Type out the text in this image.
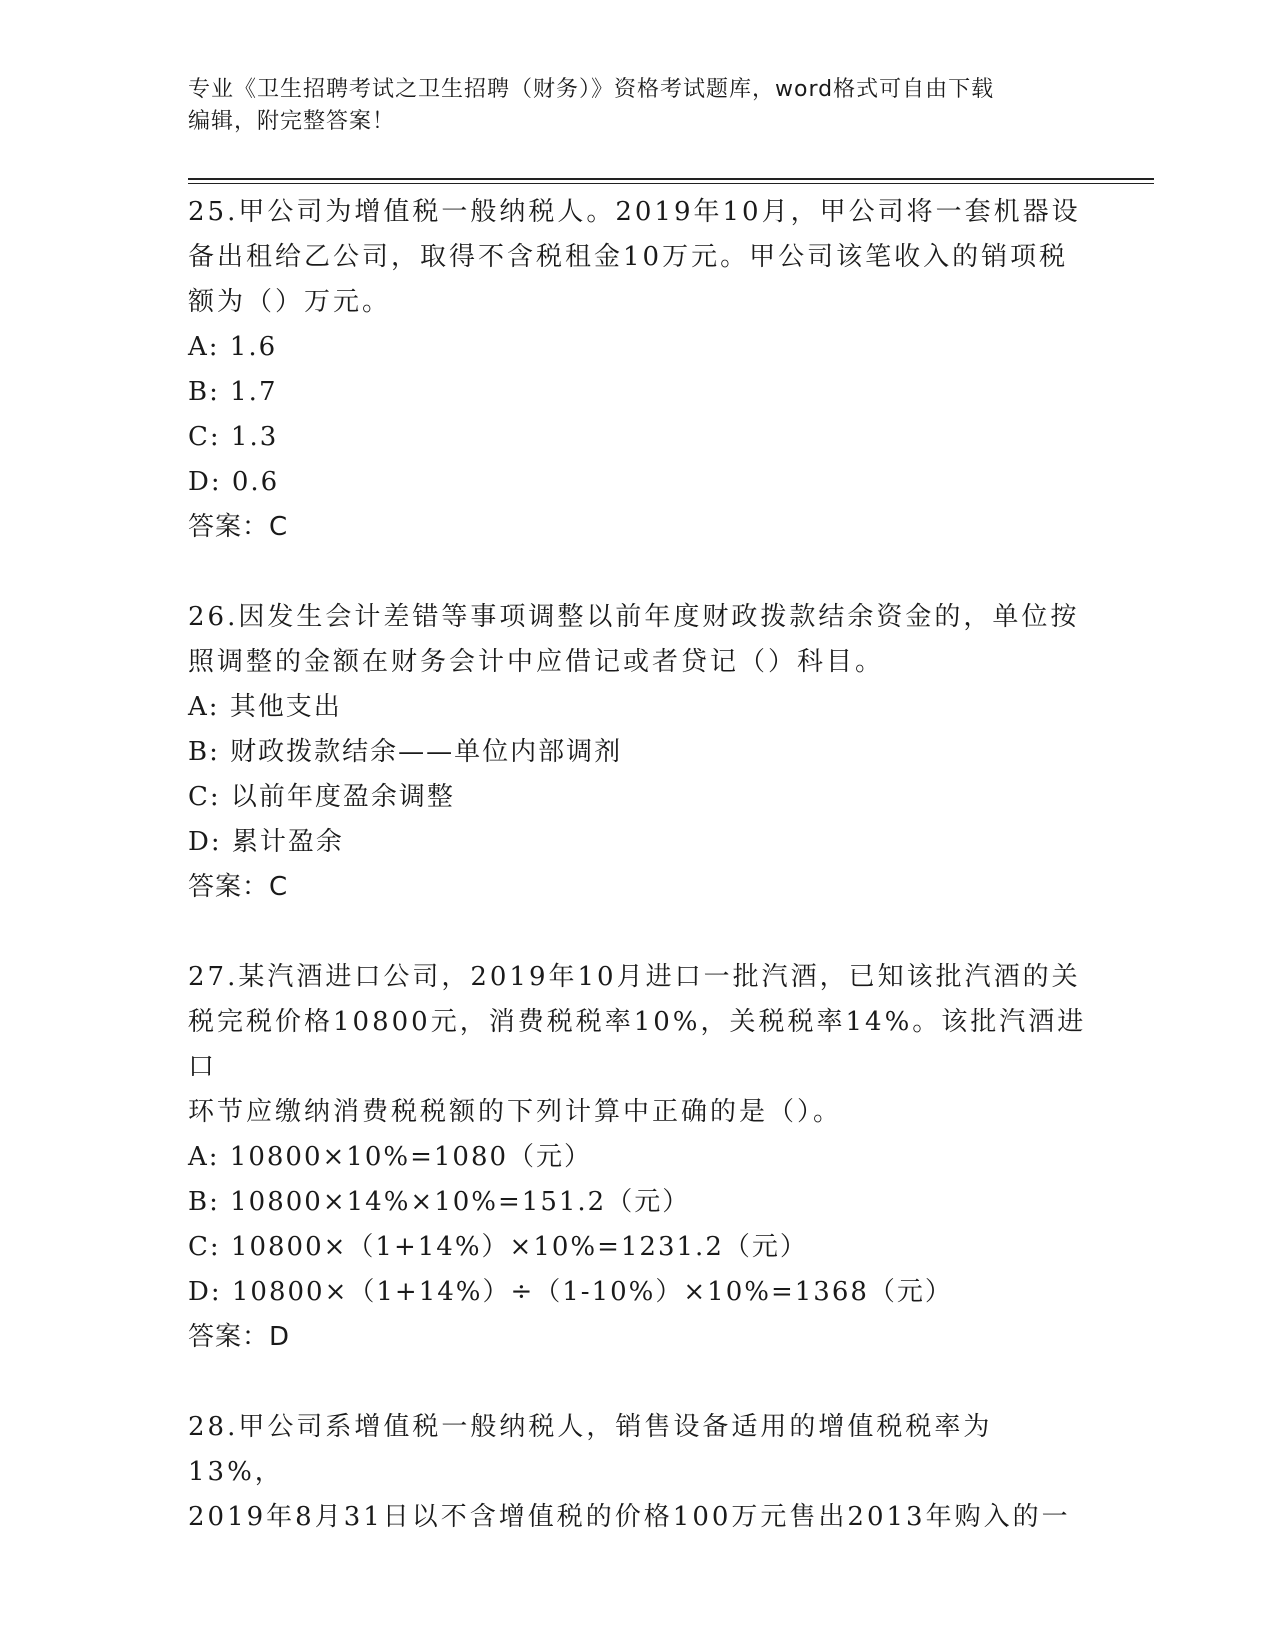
专业《卫生招聘考试之卫生招聘（财务）》资格考试题库，word格式可自由下载
编辑，附完整答案！
25.甲公司为增值税一般纳税人。2019年10月，甲公司将一套机器设
备出租给乙公司，取得不含税租金10万元。甲公司该笔收入的销项税
额为（）万元。
A: 1.6
B: 1.7
C: 1.3
D: 0.6
答案：C
26.因发生会计差错等事项调整以前年度财政拨款结余资金的，单位按
照调整的金额在财务会计中应借记或者贷记（）科目。
A: 其他支出
B: 财政拨款结余——单位内部调剂
C: 以前年度盈余调整
D: 累计盈余
答案：C
27.某汽酒进口公司，2019年10月进口一批汽酒，已知该批汽酒的关
税完税价格10800元，消费税税率10%，关税税率14%。该批汽酒进口
环节应缴纳消费税税额的下列计算中正确的是（）。
A: 10800×10%=1080（元）
B: 10800×14%×10%=151.2（元）
C: 10800×（1+14%）×10%=1231.2（元）
D: 10800×（1+14%）÷（1-10%）×10%=1368（元）
答案：D
28.甲公司系增值税一般纳税人，销售设备适用的增值税税率为13%，
2019年8月31日以不含增值税的价格100万元售出2013年购入的一
